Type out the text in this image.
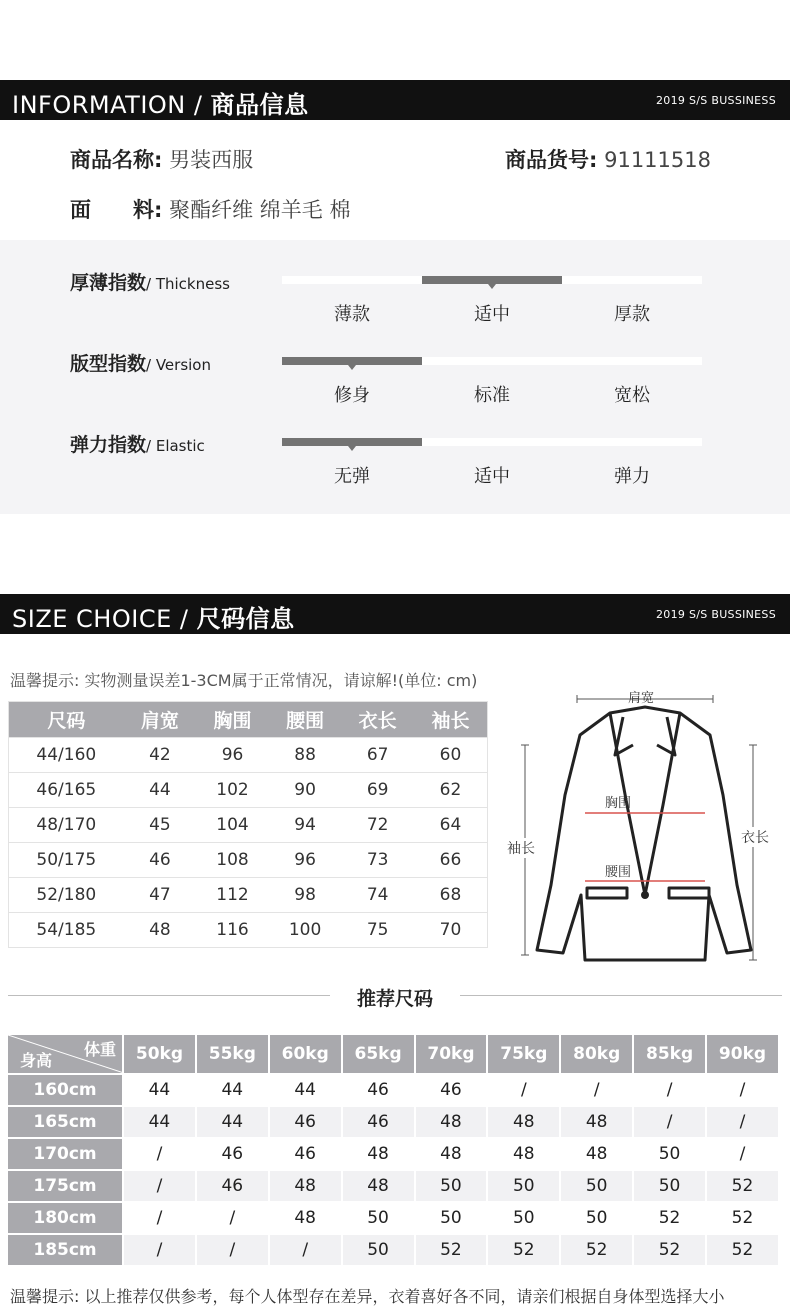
INFORMATION / 商品信息	2019 S/S BUSSINESS
商品名称: 男装西服	商品货号: 91111518
面　　料: 聚酯纤维 绵羊毛 棉
厚薄指数/ Thickness
薄款	适中	厚款
版型指数/ Version
修身	标准	宽松
弹力指数/ Elastic
无弹	适中	弹力
SIZE CHOICE / 尺码信息	2019 S/S BUSSINESS
温馨提示: 实物测量误差1-3CM属于正常情况，请谅解!(单位: cm)
尺码	肩宽	胸围	腰围	衣长	袖长
44/160	42	96	88	67	60
46/165	44	102	90	69	62
48/170	45	104	94	72	64
50/175	46	108	96	73	66
52/180	47	112	98	74	68
54/185	48	116	100	75	70
肩宽
胸围
腰围
袖长
衣长
推荐尺码
体重
身高	50kg	55kg	60kg	65kg	70kg	75kg	80kg	85kg	90kg
160cm	44	44	44	46	46	/	/	/	/
165cm	44	44	46	46	48	48	48	/	/
170cm	/	46	46	48	48	48	48	50	/
175cm	/	46	48	48	50	50	50	50	52
180cm	/	/	48	50	50	50	50	52	52
185cm	/	/	/	50	52	52	52	52	52
温馨提示: 以上推荐仅供参考，每个人体型存在差异，衣着喜好各不同，请亲们根据自身体型选择大小
